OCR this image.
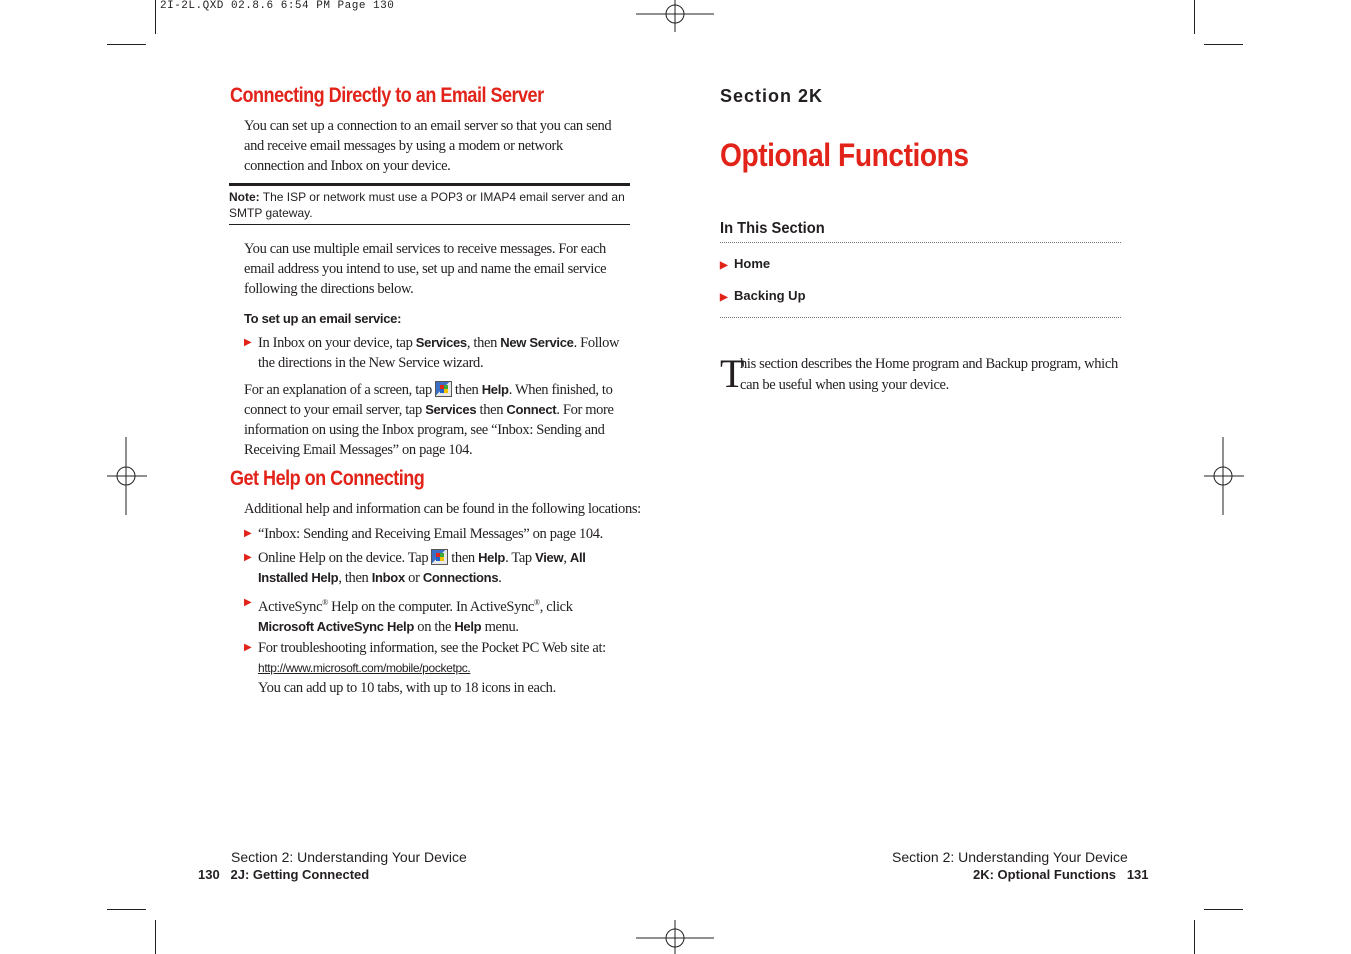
2I-2L.QXD 02.8.6 6:54 PM Page 130
Connecting Directly to an Email Server
You can set up a connection to an email server so that you can send and receive email messages by using a modem or network connection and Inbox on your device.
Note: The ISP or network must use a POP3 or IMAP4 email server and an SMTP gateway.
You can use multiple email services to receive messages. For each email address you intend to use, set up and name the email service following the directions below.
To set up an email service:
▶ In Inbox on your device, tap Services, then New Service. Follow the directions in the New Service wizard.
For an explanation of a screen, tap then Help. When finished, to connect to your email server, tap Services then Connect. For more information on using the Inbox program, see “Inbox: Sending and Receiving Email Messages” on page 104.
Get Help on Connecting
Additional help and information can be found in the following locations:
▶ “Inbox: Sending and Receiving Email Messages” on page 104.
▶ Online Help on the device. Tap then Help. Tap View, All Installed Help, then Inbox or Connections.
▶ ActiveSync® Help on the computer. In ActiveSync®, click Microsoft ActiveSync Help on the Help menu.
▶ For troubleshooting information, see the Pocket PC Web site at:
http://www.microsoft.com/mobile/pocketpc.
You can add up to 10 tabs, with up to 18 icons in each.
Section 2: Understanding Your Device
130   2J: Getting Connected
Section 2K
Optional Functions
In This Section
▶ Home
▶ Backing Up
T
his section describes the Home program and Backup program, which can be useful when using your device.
Section 2: Understanding Your Device
2K: Optional Functions   131
